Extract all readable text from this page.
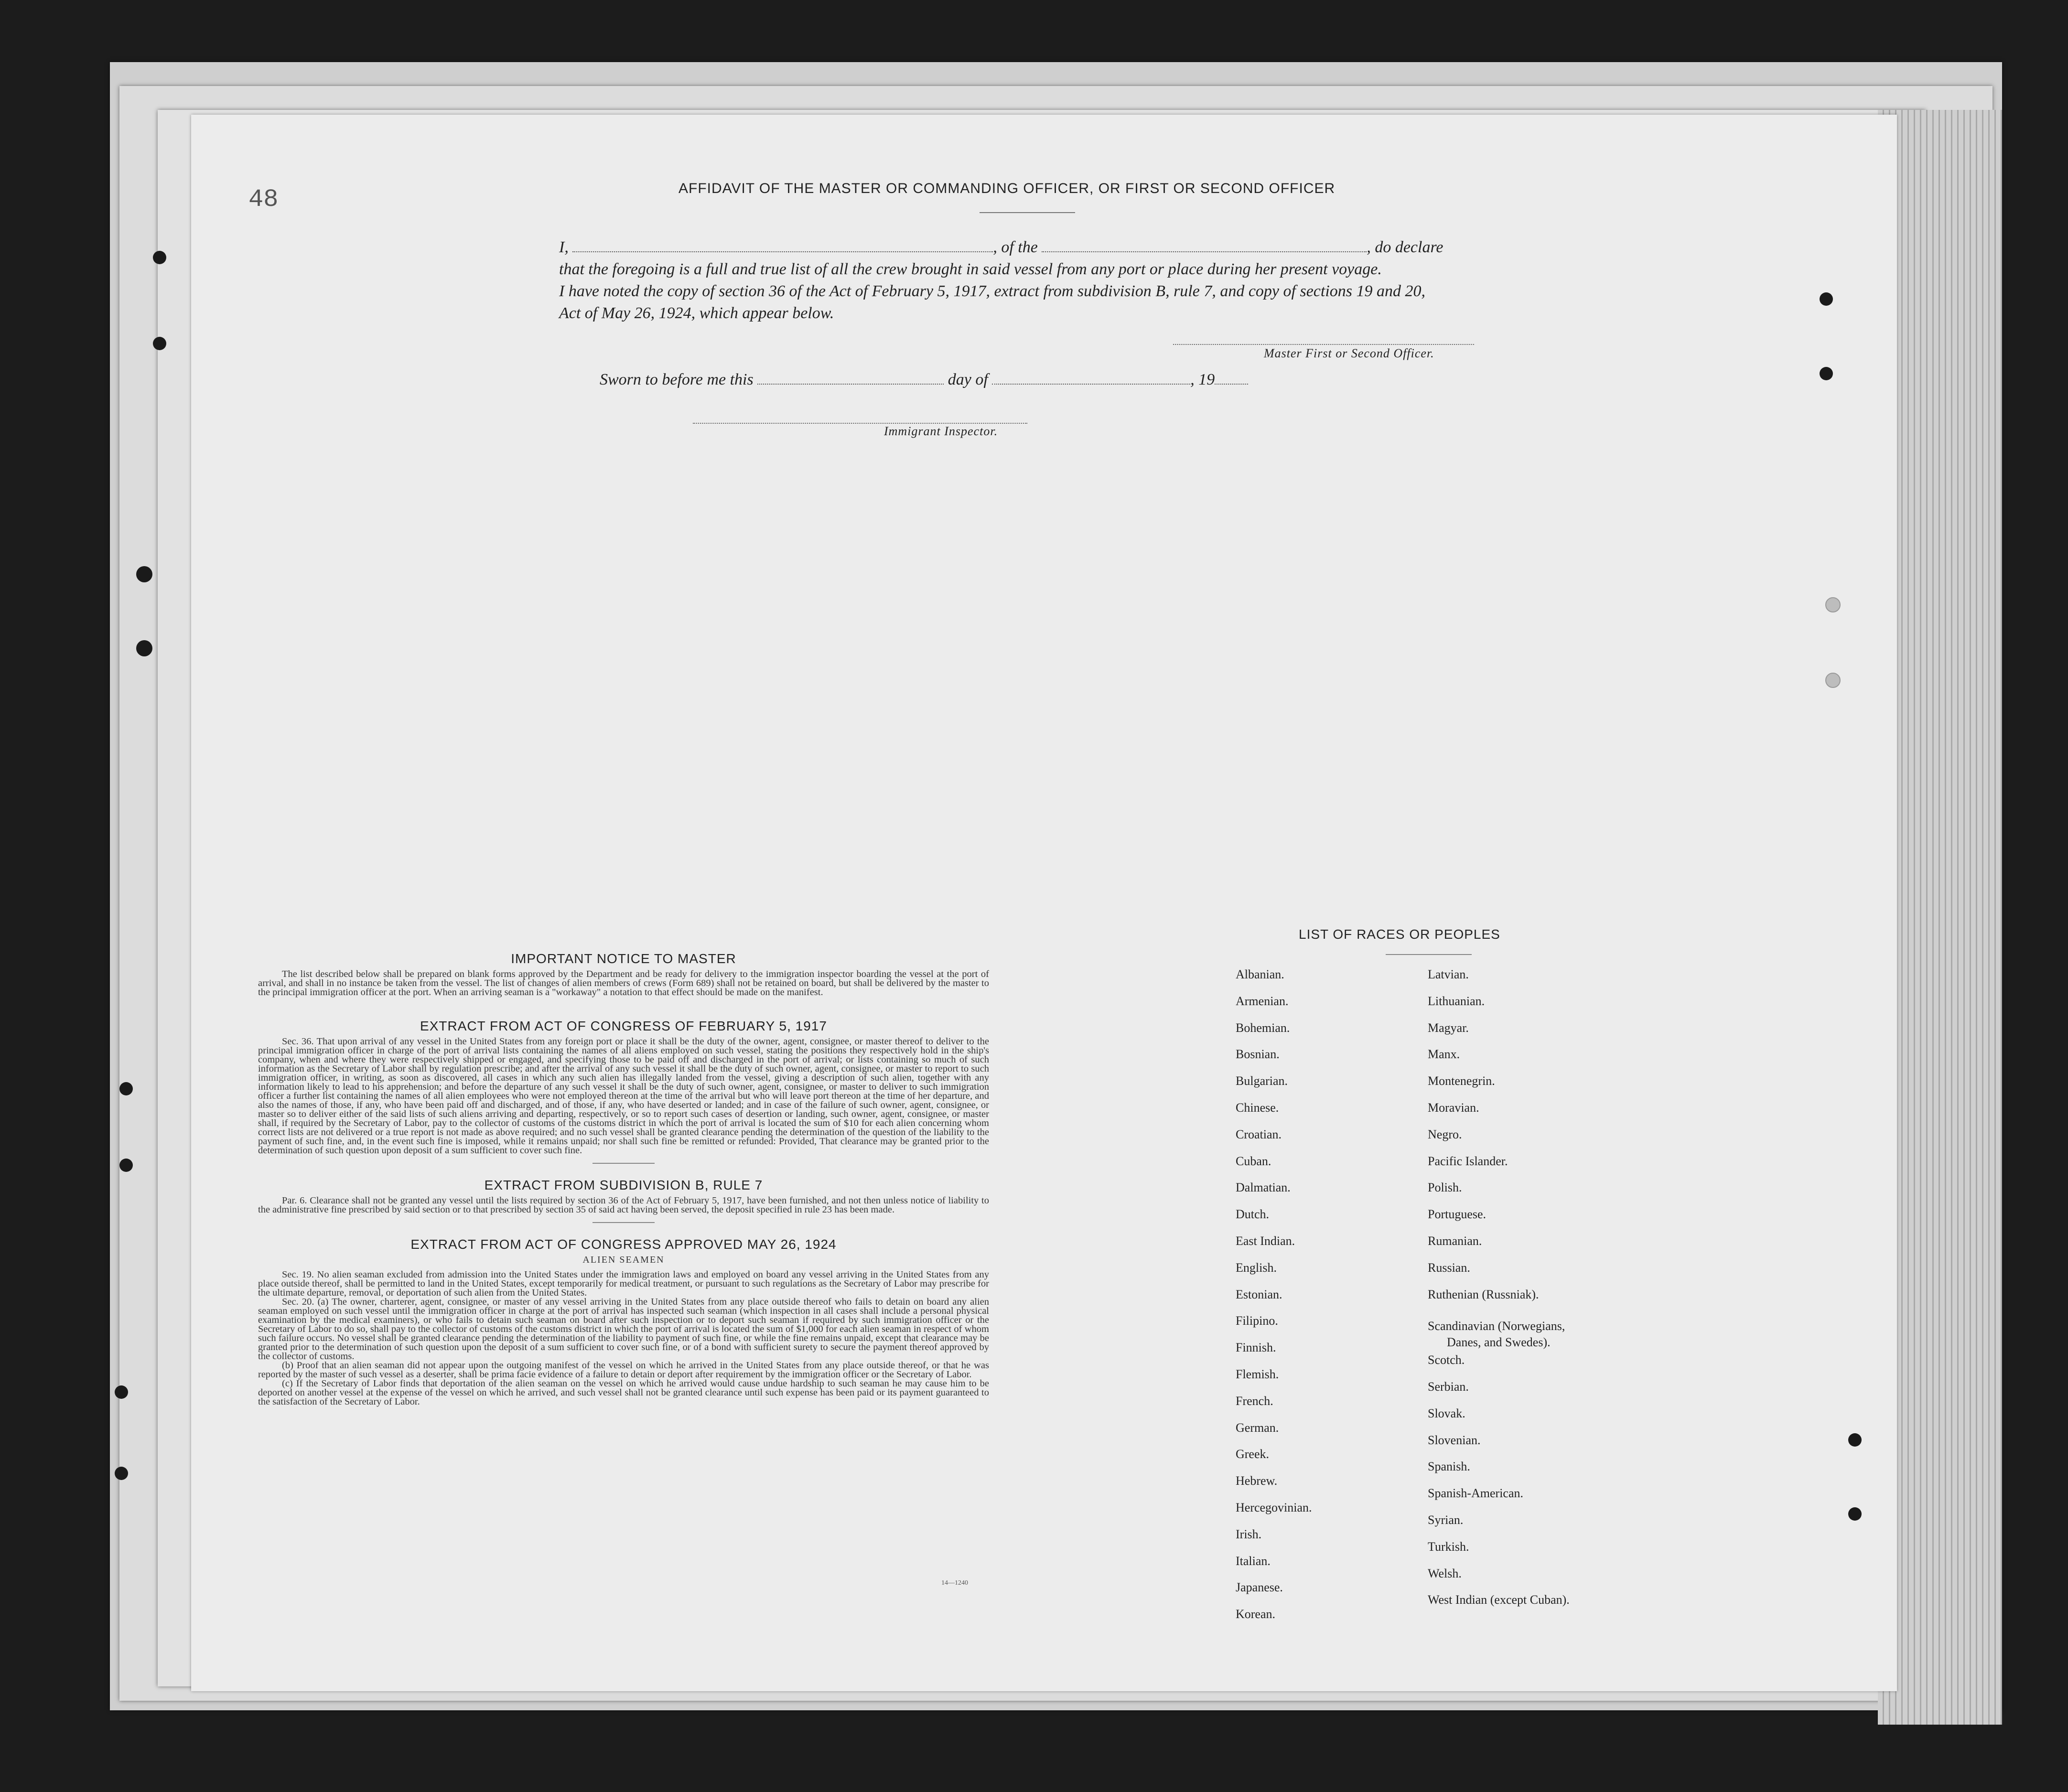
48	AFFIDAVIT OF THE MASTER OR COMMANDING OFFICER, OR FIRST OR SECOND OFFICER
I,	, of the	, do declare
that the foregoing is a full and true list of all the crew brought in said vessel from any port or place during her present voyage.
I have noted the copy of section 36 of the Act of February 5, 1917, extract from subdivision B, rule 7, and copy of sections 19 and 20,
Act of May 26, 1924, which appear below.
Master First or Second Officer.
Sworn to before me this	day of	, 19
Immigrant Inspector.
IMPORTANT NOTICE TO MASTER

The list described below shall be prepared on blank forms approved by the Department and be ready for delivery to the immigration inspector boarding the vessel at the port of arrival, and shall in no instance be taken from the vessel. The list of changes of alien members of crews (Form 689) shall not be retained on board, but shall be delivered by the master to the principal immigration officer at the port. When an arriving seaman is a "workaway" a notation to that effect should be made on the manifest.

EXTRACT FROM ACT OF CONGRESS OF FEBRUARY 5, 1917

Sec. 36. That upon arrival of any vessel in the United States from any foreign port or place it shall be the duty of the owner, agent, consignee, or master thereof to deliver to the principal immigration officer in charge of the port of arrival lists containing the names of all aliens employed on such vessel, stating the positions they respectively hold in the ship's company, when and where they were respectively shipped or engaged, and specifying those to be paid off and discharged in the port of arrival; or lists containing so much of such information as the Secretary of Labor shall by regulation prescribe; and after the arrival of any such vessel it shall be the duty of such owner, agent, consignee, or master to report to such immigration officer, in writing, as soon as discovered, all cases in which any such alien has illegally landed from the vessel, giving a description of such alien, together with any information likely to lead to his apprehension; and before the departure of any such vessel it shall be the duty of such owner, agent, consignee, or master to deliver to such immigration officer a further list containing the names of all alien employees who were not employed thereon at the time of the arrival but who will leave port thereon at the time of her departure, and also the names of those, if any, who have been paid off and discharged, and of those, if any, who have deserted or landed; and in case of the failure of such owner, agent, consignee, or master so to deliver either of the said lists of such aliens arriving and departing, respectively, or so to report such cases of desertion or landing, such owner, agent, consignee, or master shall, if required by the Secretary of Labor, pay to the collector of customs of the customs district in which the port of arrival is located the sum of $10 for each alien concerning whom correct lists are not delivered or a true report is not made as above required; and no such vessel shall be granted clearance pending the determination of the question of the liability to the payment of such fine, and, in the event such fine is imposed, while it remains unpaid; nor shall such fine be remitted or refunded: Provided, That clearance may be granted prior to the determination of such question upon deposit of a sum sufficient to cover such fine.

EXTRACT FROM SUBDIVISION B, RULE 7

Par. 6. Clearance shall not be granted any vessel until the lists required by section 36 of the Act of February 5, 1917, have been furnished, and not then unless notice of liability to the administrative fine prescribed by said section or to that prescribed by section 35 of said act having been served, the deposit specified in rule 23 has been made.

EXTRACT FROM ACT OF CONGRESS APPROVED MAY 26, 1924
ALIEN SEAMEN

Sec. 19. No alien seaman excluded from admission into the United States under the immigration laws and employed on board any vessel arriving in the United States from any place outside thereof, shall be permitted to land in the United States, except temporarily for medical treatment, or pursuant to such regulations as the Secretary of Labor may prescribe for the ultimate departure, removal, or deportation of such alien from the United States.

Sec. 20. (a) The owner, charterer, agent, consignee, or master of any vessel arriving in the United States from any place outside thereof who fails to detain on board any alien seaman employed on such vessel until the immigration officer in charge at the port of arrival has inspected such seaman (which inspection in all cases shall include a personal physical examination by the medical examiners), or who fails to detain such seaman on board after such inspection or to deport such seaman if required by such immigration officer or the Secretary of Labor to do so, shall pay to the collector of customs of the customs district in which the port of arrival is located the sum of $1,000 for each alien seaman in respect of whom such failure occurs. No vessel shall be granted clearance pending the determination of the liability to payment of such fine, or while the fine remains unpaid, except that clearance may be granted prior to the determination of such question upon the deposit of a sum sufficient to cover such fine, or of a bond with sufficient surety to secure the payment thereof approved by the collector of customs.

(b) Proof that an alien seaman did not appear upon the outgoing manifest of the vessel on which he arrived in the United States from any place outside thereof, or that he was reported by the master of such vessel as a deserter, shall be prima facie evidence of a failure to detain or deport after requirement by the immigration officer or the Secretary of Labor.

(c) If the Secretary of Labor finds that deportation of the alien seaman on the vessel on which he arrived would cause undue hardship to such seaman he may cause him to be deported on another vessel at the expense of the vessel on which he arrived, and such vessel shall not be granted clearance until such expense has been paid or its payment guaranteed to the satisfaction of the Secretary of Labor.

14—1240
LIST OF RACES OR PEOPLES
Albanian.
Armenian.
Bohemian.
Bosnian.
Bulgarian.
Chinese.
Croatian.
Cuban.
Dalmatian.
Dutch.
East Indian.
English.
Estonian.
Filipino.
Finnish.
Flemish.
French.
German.
Greek.
Hebrew.
Hercegovinian.
Irish.
Italian.
Japanese.
Korean.
Latvian.
Lithuanian.
Magyar.
Manx.
Montenegrin.
Moravian.
Negro.
Pacific Islander.
Polish.
Portuguese.
Rumanian.
Russian.
Ruthenian (Russniak).
Scandinavian (Norwegians,
Danes, and Swedes).
Scotch.
Serbian.
Slovak.
Slovenian.
Spanish.
Spanish-American.
Syrian.
Turkish.
Welsh.
West Indian (except Cuban).
